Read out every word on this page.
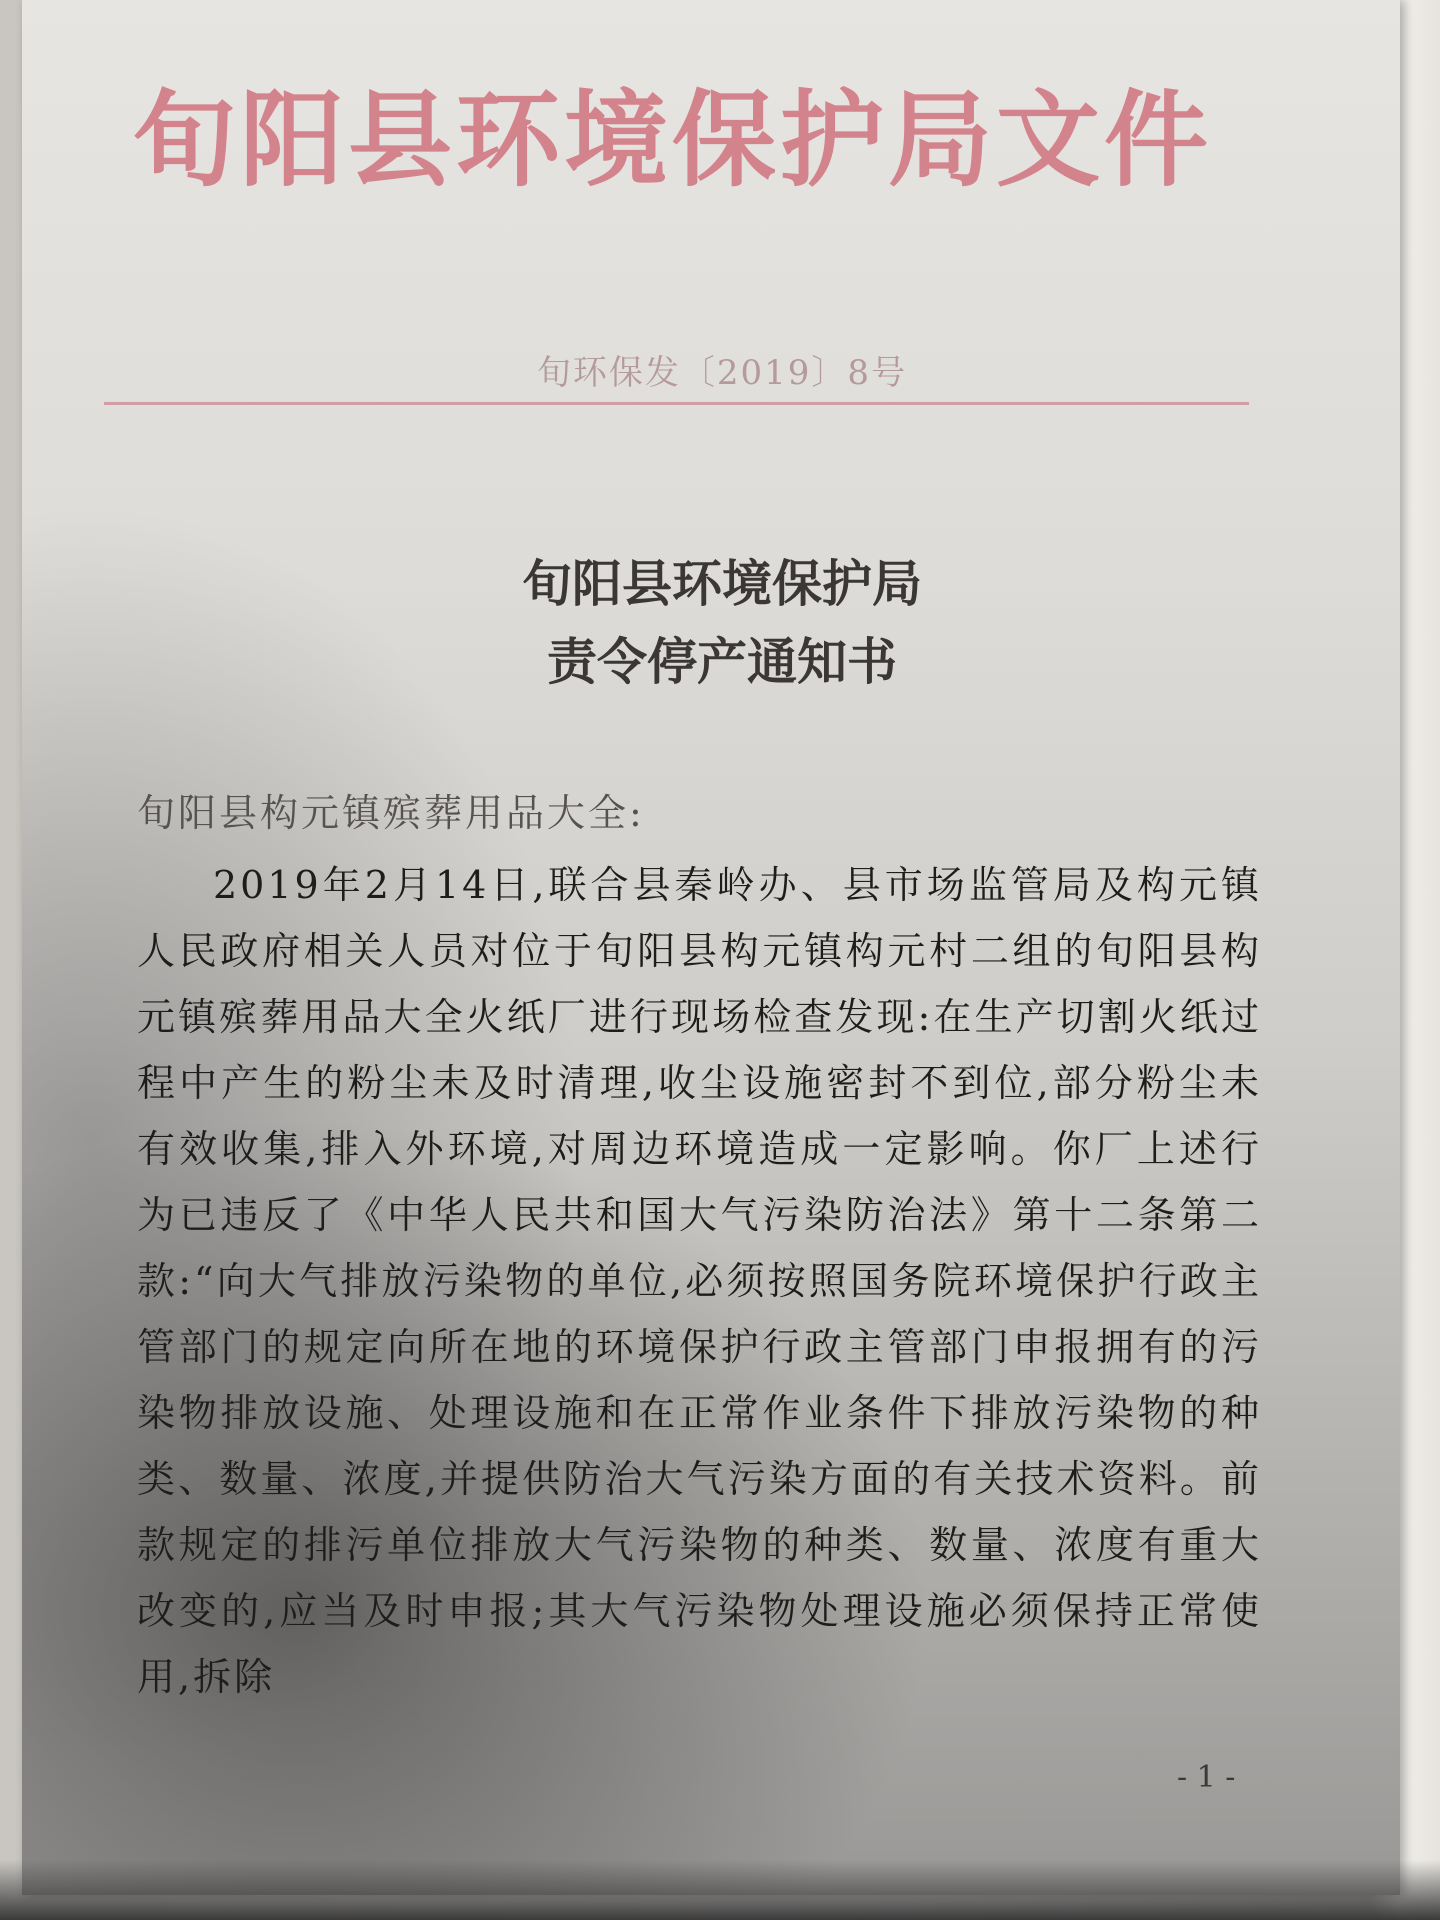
旬阳县环境保护局文件
旬环保发〔2019〕8号
旬阳县环境保护局
责令停产通知书
旬阳县构元镇殡葬用品大全:
2019年2月14日,联合县秦岭办、县市场监管局及构元镇人民政府相关人员对位于旬阳县构元镇构元村二组的旬阳县构元镇殡葬用品大全火纸厂进行现场检查发现:在生产切割火纸过程中产生的粉尘未及时清理,收尘设施密封不到位,部分粉尘未有效收集,排入外环境,对周边环境造成一定影响。你厂上述行为已违反了《中华人民共和国大气污染防治法》第十二条第二款:“向大气排放污染物的单位,必须按照国务院环境保护行政主管部门的规定向所在地的环境保护行政主管部门申报拥有的污染物排放设施、处理设施和在正常作业条件下排放污染物的种类、数量、浓度,并提供防治大气污染方面的有关技术资料。前款规定的排污单位排放大气污染物的种类、数量、浓度有重大改变的,应当及时申报;其大气污染物处理设施必须保持正常使用,拆除
- 1 -
